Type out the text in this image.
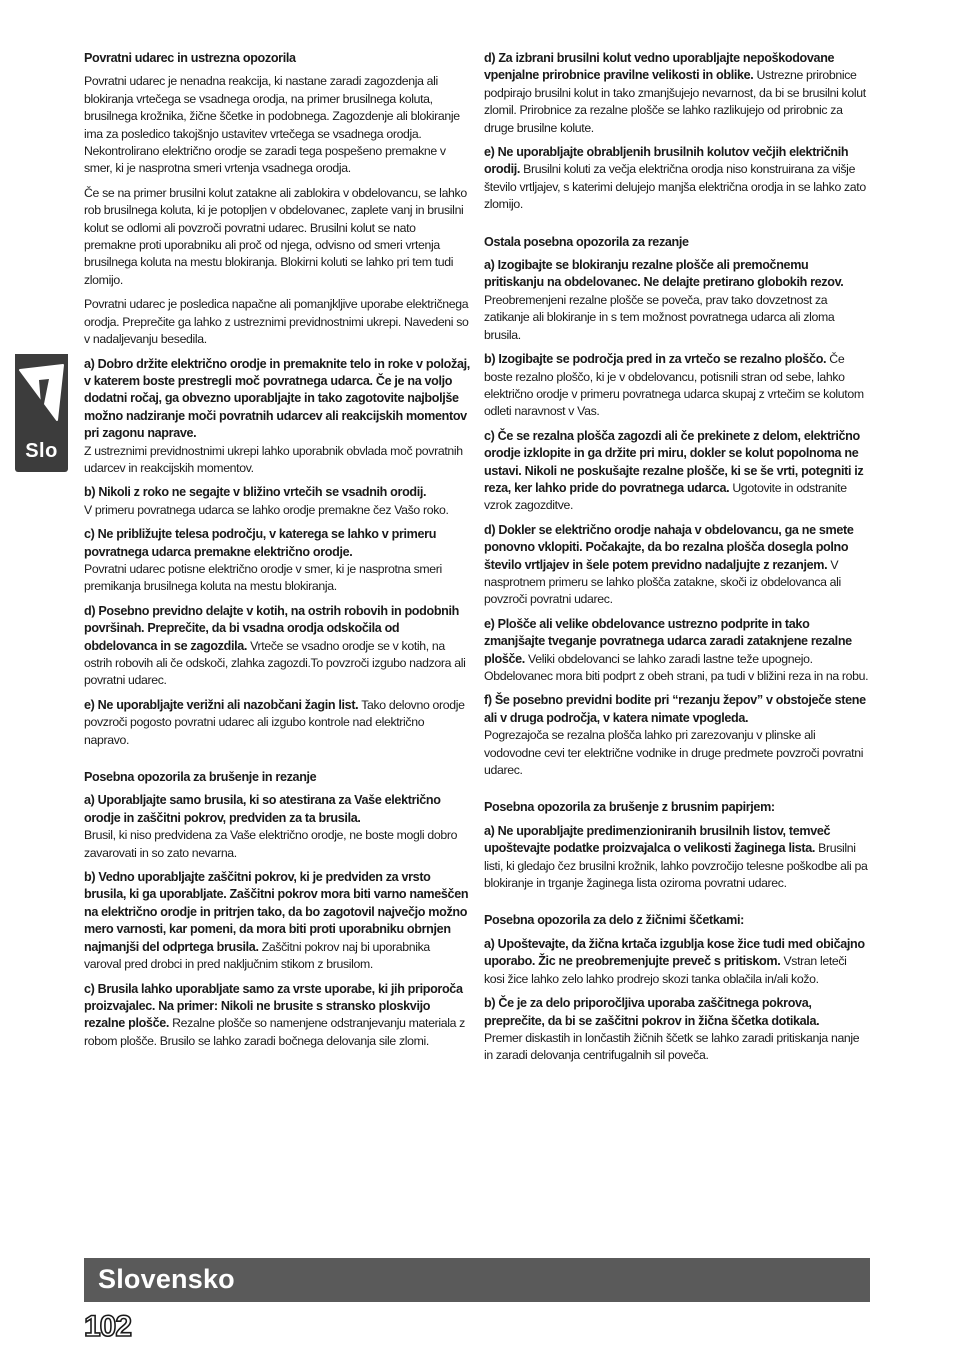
Slo
Povratni udarec in ustrezna opozorila

Povratni udarec je nenadna reakcija, ki nastane zaradi zagozdenja ali blokiranja vrtečega se vsadnega orodja, na primer brusilnega koluta, brusilnega krožnika, žične ščetke in podobnega. Zagozdenje ali blokiranje ima za posledico takojšnjo ustavitev vrtečega se vsadnega orodja. Nekontrolirano električno orodje se zaradi tega pospešeno premakne v smer, ki je nasprotna smeri vrtenja vsadnega orodja.

Če se na primer brusilni kolut zatakne ali zablokira v obdelovancu, se lahko rob brusilnega koluta, ki je potopljen v obdelovanec, zaplete vanj in brusilni kolut se odlomi ali povzroči povratni udarec. Brusilni kolut se nato premakne proti uporabniku ali proč od njega, odvisno od smeri vrtenja brusilnega koluta na mestu blokiranja. Blokirni koluti se lahko pri tem tudi zlomijo.

Povratni udarec je posledica napačne ali pomanjkljive uporabe električnega orodja. Preprečite ga lahko z ustreznimi previdnostnimi ukrepi. Navedeni so v nadaljevanju besedila.

a) Dobro držite električno orodje in premaknite telo in roke v položaj, v katerem boste prestregli moč povratnega udarca. Če je na voljo dodatni ročaj, ga obvezno uporabljajte in tako zagotovite najboljše možno nadziranje moči povratnih udarcev ali reakcijskih momentov pri zagonu naprave.
Z ustreznimi previdnostnimi ukrepi lahko uporabnik obvlada moč povratnih udarcev in reakcijskih momentov.

b) Nikoli z roko ne segajte v bližino vrtečih se vsadnih orodij.
V primeru povratnega udarca se lahko orodje premakne čez Vašo roko.

c) Ne približujte telesa področju, v katerega se lahko v primeru povratnega udarca premakne električno orodje.
Povratni udarec potisne električno orodje v smer, ki je nasprotna smeri premikanja brusilnega koluta na mestu blokiranja.

d) Posebno previdno delajte v kotih, na ostrih robovih in podobnih površinah. Preprečite, da bi vsadna orodja odskočila od obdelovanca in se zagozdila. Vrteče se vsadno orodje se v kotih, na ostrih robovih ali če odskoči, zlahka zagozdi.To povzroči izgubo nadzora ali povratni udarec.

e) Ne uporabljajte verižni ali nazobčani žagin list. Tako delovno orodje povzroči pogosto povratni udarec ali izgubo kontrole nad električno napravo.

Posebna opozorila za brušenje in rezanje

a) Uporabljajte samo brusila, ki so atestirana za Vaše električno orodje in zaščitni pokrov, predviden za ta brusila.
Brusil, ki niso predvidena za Vaše električno orodje, ne boste mogli dobro zavarovati in so zato nevarna.

b) Vedno uporabljajte zaščitni pokrov, ki je predviden za vrsto brusila, ki ga uporabljate. Zaščitni pokrov mora biti varno nameščen na električno orodje in pritrjen tako, da bo zagotovil največjo možno mero varnosti, kar pomeni, da mora biti proti uporabniku obrnjen najmanjši del odprtega brusila. Zaščitni pokrov naj bi uporabnika varoval pred drobci in pred naključnim stikom z brusilom.

c) Brusila lahko uporabljate samo za vrste uporabe, ki jih priporoča proizvajalec. Na primer: Nikoli ne brusite s stransko ploskvijo rezalne plošče. Rezalne plošče so namenjene odstranjevanju materiala z robom plošče. Brusilo se lahko zaradi bočnega delovanja sile zlomi.

d) Za izbrani brusilni kolut vedno uporabljajte nepoškodovane vpenjalne prirobnice pravilne velikosti in oblike. Ustrezne prirobnice podpirajo brusilni kolut in tako zmanjšujejo nevarnost, da bi se brusilni kolut zlomil. Prirobnice za rezalne plošče se lahko razlikujejo od prirobnic za druge brusilne kolute.

e) Ne uporabljajte obrabljenih brusilnih kolutov večjih električnih orodij. Brusilni koluti za večja električna orodja niso konstruirana za višje število vrtljajev, s katerimi delujejo manjša električna orodja in se lahko zato zlomijo.

Ostala posebna opozorila za rezanje

a) Izogibajte se blokiranju rezalne plošče ali premočnemu pritiskanju na obdelovanec. Ne delajte pretirano globokih rezov.
Preobremenjeni rezalne plošče se poveča, prav tako dovzetnost za zatikanje ali blokiranje in s tem možnost povratnega udarca ali zloma brusila.

b) Izogibajte se področja pred in za vrtečo se rezalno ploščo. Če boste rezalno ploščo, ki je v obdelovancu, potisnili stran od sebe, lahko električno orodje v primeru povratnega udarca skupaj z vrtečim se kolutom odleti naravnost v Vas.

c) Če se rezalna plošča zagozdi ali če prekinete z delom, električno orodje izklopite in ga držite pri miru, dokler se kolut popolnoma ne ustavi. Nikoli ne poskušajte rezalne plošče, ki se še vrti, potegniti iz reza, ker lahko pride do povratnega udarca. Ugotovite in odstranite vzrok zagozditve.

d) Dokler se električno orodje nahaja v obdelovancu, ga ne smete ponovno vklopiti. Počakajte, da bo rezalna plošča dosegla polno število vrtljajev in šele potem previdno nadaljujte z rezanjem. V nasprotnem primeru se lahko plošča zatakne, skoči iz obdelovanca ali povzroči povratni udarec.

e) Plošče ali velike obdelovance ustrezno podprite in tako zmanjšajte tveganje povratnega udarca zaradi zataknjene rezalne plošče. Veliki obdelovanci se lahko zaradi lastne teže upognejo. Obdelovanec mora biti podprt z obeh strani, pa tudi v bližini reza in na robu.

f) Še posebno previdni bodite pri “rezanju žepov” v obstoječe stene ali v druga področja, v katera nimate vpogleda.
Pogrezajoča se rezalna plošča lahko pri zarezovanju v plinske ali vodovodne cevi ter električne vodnike in druge predmete povzroči povratni udarec.

Posebna opozorila za brušenje z brusnim papirjem:

a) Ne uporabljajte predimenzioniranih brusilnih listov, temveč upoštevajte podatke proizvajalca o velikosti žaginega lista. Brusilni listi, ki gledajo čez brusilni krožnik, lahko povzročijo telesne poškodbe ali pa blokiranje in trganje žaginega lista oziroma povratni udarec.

Posebna opozorila za delo z žičnimi ščetkami:

a) Upoštevajte, da žična krtača izgublja kose žice tudi med običajno uporabo. Žic ne preobremenjujte preveč s pritiskom. Vstran leteči kosi žice lahko zelo lahko prodrejo skozi tanka oblačila in/ali kožo.

b) Če je za delo priporočljiva uporaba zaščitnega pokrova, preprečite, da bi se zaščitni pokrov in žična ščetka dotikala.
Premer diskastih in lončastih žičnih ščetk se lahko zaradi pritiskanja nanje in zaradi delovanja centrifugalnih sil poveča.

Slovensko
102
